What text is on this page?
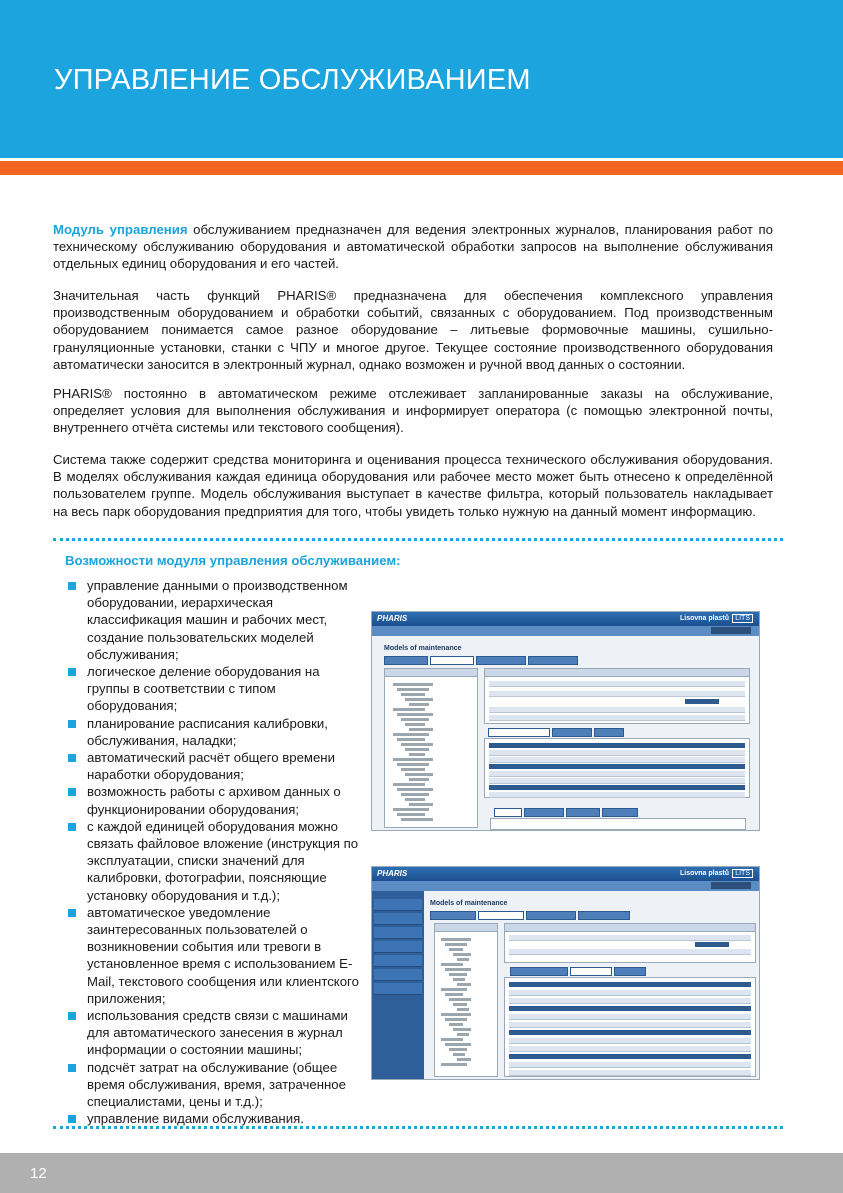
УПРАВЛЕНИЕ ОБСЛУЖИВАНИЕМ

Модуль управления обслуживанием предназначен для ведения электронных журналов, планирования работ по техническому обслуживанию оборудования и автоматической обработки запросов на выполнение обслуживания отдельных единиц оборудования и его частей.

Значительная часть функций PHARIS® предназначена для обеспечения комплексного управления производственным оборудованием и обработки событий, связанных с оборудованием. Под производственным оборудованием понимается самое разное оборудование – литьевые формовочные машины, сушильно-грануляционные установки, станки с ЧПУ и многое другое. Текущее состояние производственного оборудования автоматически заносится в электронный журнал, однако возможен и ручной ввод данных о состоянии.

PHARIS® постоянно в автоматическом режиме отслеживает запланированные заказы на обслуживание, определяет условия для выполнения обслуживания и информирует оператора (с помощью электронной почты, внутреннего отчёта системы или текстового сообщения).

Система также содержит средства мониторинга и оценивания процесса технического обслуживания оборудования. В моделях обслуживания каждая единица оборудования или рабочее место может быть отнесено к определённой пользователем группе. Модель обслуживания выступает в качестве фильтра, который пользователь накладывает на весь парк оборудования предприятия для того, чтобы увидеть только нужную на данный момент информацию.

Возможности модуля управления обслуживанием:
управление данными о производственном оборудовании, иерархическая классификация машин и рабочих мест, создание пользовательских моделей обслуживания;
логическое деление оборудования на группы в соответствии с типом оборудования;
планирование расписания калибровки, обслуживания, наладки;
автоматический расчёт общего времени наработки оборудования;
возможность работы с архивом данных о функционировании оборудования;
с каждой единицей оборудования можно связать файловое вложение (инструкция по эксплуатации, списки значений для калибровки, фотографии, поясняющие установку оборудования и т.д.);
автоматическое уведомление заинтересованных пользователей о возникновении события или тревоги в установленное время с использованием E-Mail, текстового сообщения или клиентского приложения;
использования средств связи с машинами для автоматического занесения в журнал информации о состоянии машины;
подсчёт затрат на обслуживание (общее время обслуживания, время, затраченное специалистами, цены и т.д.);
управление видами обслуживания.
PHARIS	Lisovna plastů LITS
Models of maintenance
PHARIS	Lisovna plastů LITS
Models of maintenance
12
